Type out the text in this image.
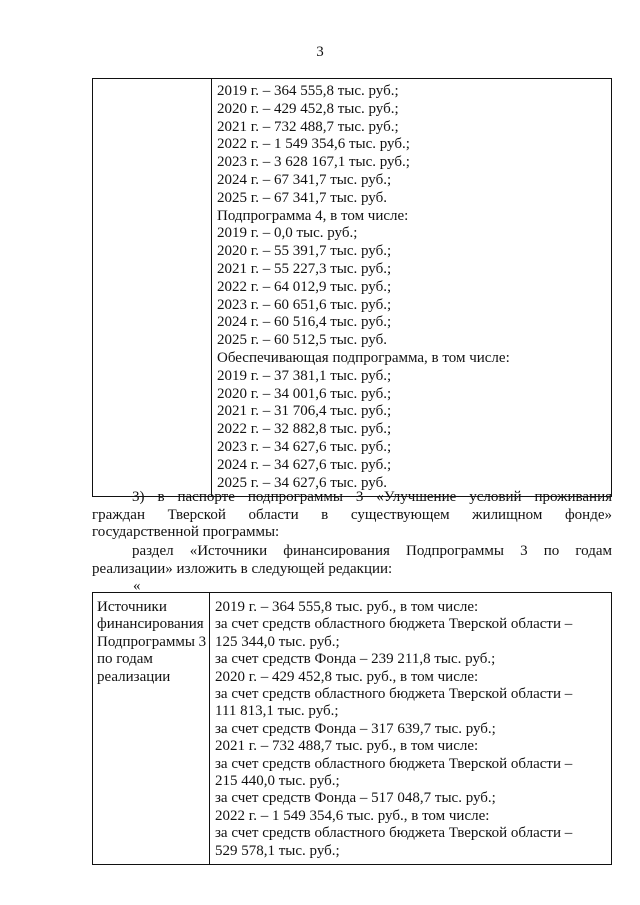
3

2019 г. – 364 555,8 тыс. руб.;
2020 г. – 429 452,8 тыс. руб.;
2021 г. – 732 488,7 тыс. руб.;
2022 г. – 1 549 354,6 тыс. руб.;
2023 г. – 3 628 167,1 тыс. руб.;
2024 г. – 67 341,7 тыс. руб.;
2025 г. – 67 341,7 тыс. руб.
Подпрограмма 4, в том числе:
2019 г. – 0,0 тыс. руб.;
2020 г. – 55 391,7 тыс. руб.;
2021 г. – 55 227,3 тыс. руб.;
2022 г. – 64 012,9 тыс. руб.;
2023 г. – 60 651,6 тыс. руб.;
2024 г. – 60 516,4 тыс. руб.;
2025 г. – 60 512,5 тыс. руб.
Обеспечивающая подпрограмма, в том числе:
2019 г. – 37 381,1 тыс. руб.;
2020 г. – 34 001,6 тыс. руб.;
2021 г. – 31 706,4 тыс. руб.;
2022 г. – 32 882,8 тыс. руб.;
2023 г. – 34 627,6 тыс. руб.;
2024 г. – 34 627,6 тыс. руб.;
2025 г. – 34 627,6 тыс. руб.
3) в паспорте подпрограммы 3 «Улучшение условий проживания
граждан Тверской области в существующем жилищном фонде»
государственной программы:
раздел «Источники финансирования Подпрограммы 3 по годам
реализации» изложить в следующей редакции:
«
Источники
финансирования
Подпрограммы 3
по годам
реализации

2019 г. – 364 555,8 тыс. руб., в том числе:
за счет средств областного бюджета Тверской области –
125 344,0 тыс. руб.;
за счет средств Фонда – 239 211,8 тыс. руб.;
2020 г. – 429 452,8 тыс. руб., в том числе:
за счет средств областного бюджета Тверской области –
111 813,1 тыс. руб.;
за счет средств Фонда – 317 639,7 тыс. руб.;
2021 г. – 732 488,7 тыс. руб., в том числе:
за счет средств областного бюджета Тверской области –
215 440,0 тыс. руб.;
за счет средств Фонда – 517 048,7 тыс. руб.;
2022 г. – 1 549 354,6 тыс. руб., в том числе:
за счет средств областного бюджета Тверской области –
529 578,1 тыс. руб.;
